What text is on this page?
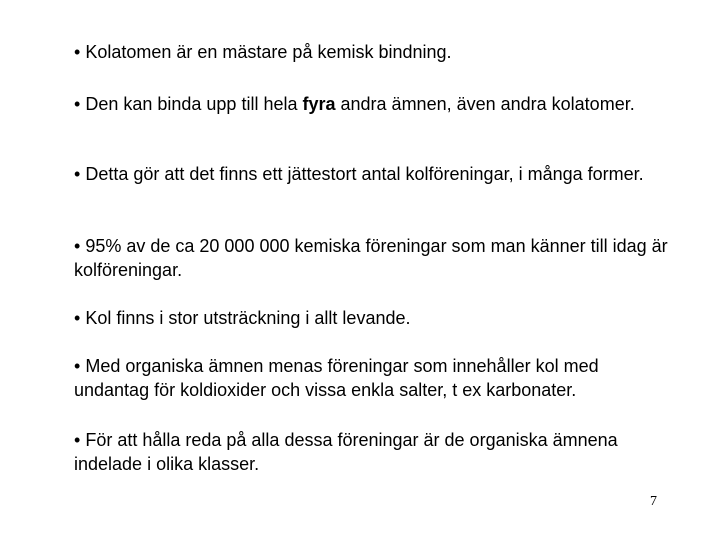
• Kolatomen är en mästare på kemisk bindning.

• Den kan binda upp till hela fyra andra ämnen, även andra kolatomer.

• Detta gör att det finns ett jättestort antal kolföreningar, i många former.

• 95% av de ca 20 000 000 kemiska föreningar som man känner till idag är kolföreningar.

• Kol finns i stor utsträckning i allt levande.

• Med organiska ämnen menas föreningar som innehåller kol med undantag för koldioxider och vissa enkla salter, t ex karbonater.

• För att hålla reda på alla dessa föreningar är de organiska ämnena indelade i olika klasser.

7
